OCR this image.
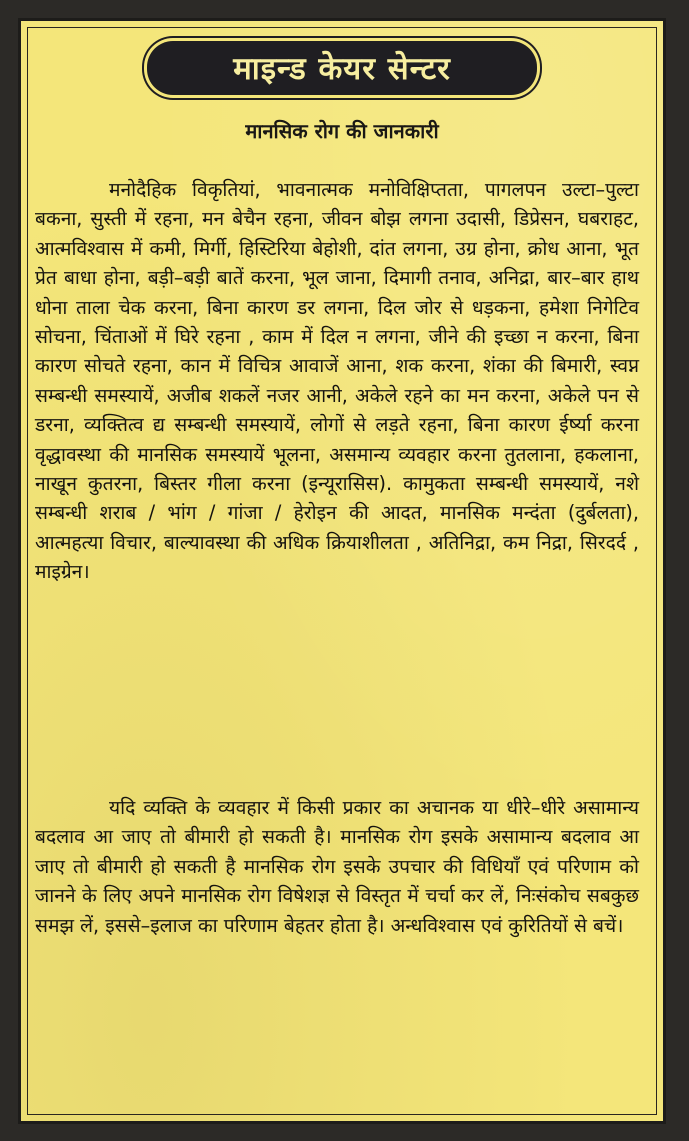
माइन्ड केयर सेन्टर
मानसिक रोग की जानकारी
मनोदैहिक विकृतियां, भावनात्मक मनोविक्षिप्तता, पागलपन उल्टा–पुल्टा बकना, सुस्ती में रहना, मन बेचैन रहना, जीवन बोझ लगना उदासी, डिप्रेसन, घबराहट, आत्मविश्वास में कमी, मिर्गी, हिस्टिरिया बेहोशी, दांत लगना, उग्र होना, क्रोध आना, भूत प्रेत बाधा होना, बड़ी–बड़ी बातें करना, भूल जाना, दिमागी तनाव, अनिद्रा, बार–बार हाथ धोना ताला चेक करना, बिना कारण डर लगना, दिल जोर से धड़कना, हमेशा निगेटिव सोचना, चिंताओं में घिरे रहना , काम में दिल न लगना, जीने की इच्छा न करना, बिना कारण सोचते रहना, कान में विचित्र आवाजें आना, शक करना, शंका की बिमारी, स्वप्न सम्बन्धी समस्यायें, अजीब शकलें नजर आनी, अकेले रहने का मन करना, अकेले पन से डरना, व्यक्तित्व द्य सम्बन्धी समस्यायें, लोगों से लड़ते रहना, बिना कारण ईर्ष्या करना वृद्धावस्था की मानसिक समस्यायें भूलना, असमान्य व्यवहार करना तुतलाना, हकलाना, नाखून कुतरना, बिस्तर गीला करना (इन्यूरासिस). कामुकता सम्बन्धी समस्यायें, नशे सम्बन्धी शराब / भांग / गांजा / हेरोइन की आदत, मानसिक मन्दंता (दुर्बलता), आत्महत्या विचार, बाल्यावस्था की अधिक क्रियाशीलता , अतिनिद्रा, कम निद्रा, सिरदर्द , माइग्रेन।
यदि व्यक्ति के व्यवहार में किसी प्रकार का अचानक या धीरे–धीरे असामान्य बदलाव आ जाए तो बीमारी हो सकती है। मानसिक रोग इसके असामान्य बदलाव आ जाए तो बीमारी हो सकती है मानसिक रोग इसके उपचार की विधियाँ एवं परिणाम को जानने के लिए अपने मानसिक रोग विषेशज्ञ से विस्तृत में चर्चा कर लें, निःसंकोच सबकुछ समझ लें, इससे–इलाज का परिणाम बेहतर होता है। अन्धविश्वास एवं कुरितियों से बचें।
